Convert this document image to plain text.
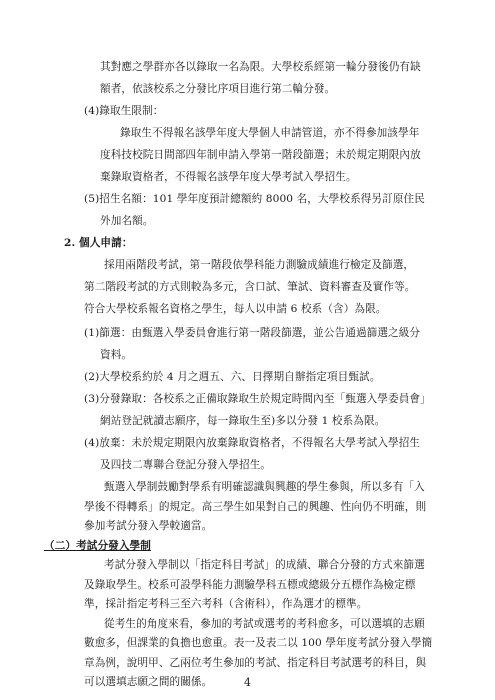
其對應之學群亦各以錄取一名為限。大學校系經第一輪分發後仍有缺
額者，依該校系之分發比序項目進行第二輪分發。
(4)錄取生限制：
錄取生不得報名該學年度大學個人申請管道，亦不得參加該學年
度科技校院日間部四年制申請入學第一階段篩選；未於規定期限內放
棄錄取資格者，不得報名該學年度大學考試入學招生。
(5)招生名額：101 學年度預計總額約 8000 名，大學校系得另訂原住民
外加名額。
2. 個人申請：
採用兩階段考試，第一階段依學科能力測驗成績進行檢定及篩選，
第二階段考試的方式則較為多元，含口試、筆試、資料審查及實作等。
符合大學校系報名資格之學生，每人以申請 6 校系（含）為限。
(1)篩選：由甄選入學委員會進行第一階段篩選，並公告通過篩選之級分
資料。
(2)大學校系約於 4 月之週五、六、日擇期自辦指定項目甄試。
(3)分發錄取：各校系之正備取錄取生於規定時間內至「甄選入學委員會」
網站登記就讀志願序，每一錄取生至)多以分發 1 校系為限。
(4)放棄：未於規定期限內放棄錄取資格者，不得報名大學考試入學招生
及四技二專聯合登記分發入學招生。
甄選入學制鼓勵對學系有明確認識與興趣的學生參與，所以多有「入
學後不得轉系」的規定。高三學生如果對自己的興趣、性向仍不明確，則
參加考試分發入學較適當。
（二）考試分發入學制
考試分發入學制以「指定科目考試」的成績、聯合分發的方式來篩選
及錄取學生。校系可設學科能力測驗學科五標或總級分五標作為檢定標
準，採計指定考科三至六考科（含術科），作為選才的標準。
從考生的角度來看，參加的考試或選考的考科愈多，可以選填的志願
數愈多，但課業的負擔也愈重。表一及表二以 100 學年度考試分發入學簡
章為例，說明甲、乙兩位考生參加的考試、指定科目考試選考的科目，與
可以選填志願之間的關係。	4
